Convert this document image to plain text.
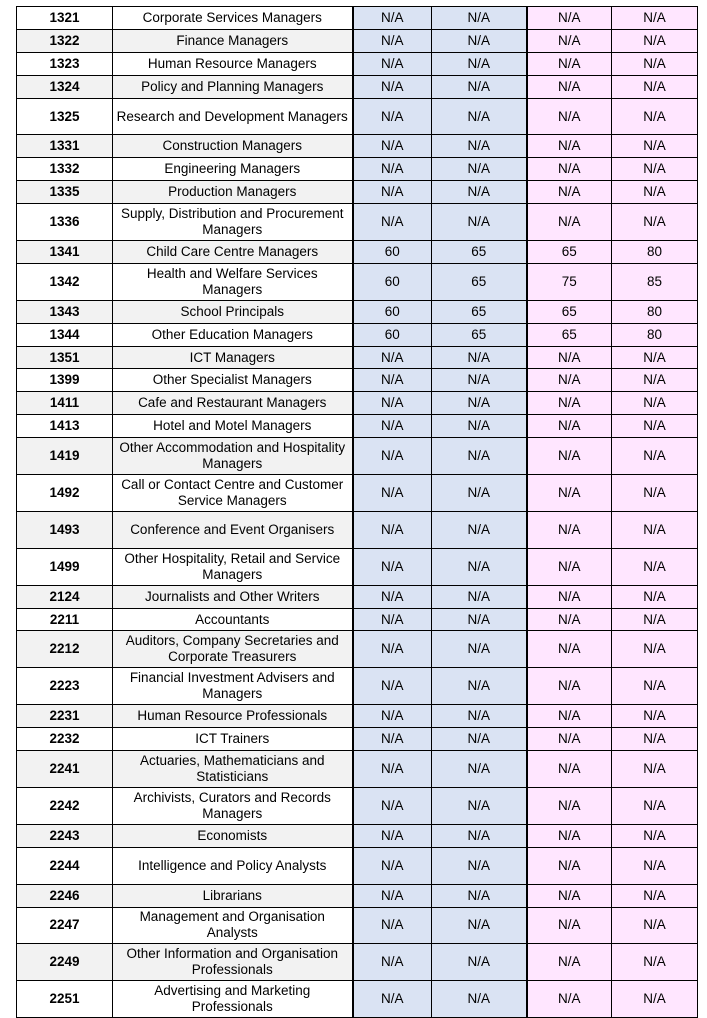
1321	Corporate Services Managers	N/A	N/A	N/A	N/A
1322	Finance Managers	N/A	N/A	N/A	N/A
1323	Human Resource Managers	N/A	N/A	N/A	N/A
1324	Policy and Planning Managers	N/A	N/A	N/A	N/A
1325	Research and Development Managers	N/A	N/A	N/A	N/A
1331	Construction Managers	N/A	N/A	N/A	N/A
1332	Engineering Managers	N/A	N/A	N/A	N/A
1335	Production Managers	N/A	N/A	N/A	N/A
1336	Supply, Distribution and Procurement Managers	N/A	N/A	N/A	N/A
1341	Child Care Centre Managers	60	65	65	80
1342	Health and Welfare Services Managers	60	65	75	85
1343	School Principals	60	65	65	80
1344	Other Education Managers	60	65	65	80
1351	ICT Managers	N/A	N/A	N/A	N/A
1399	Other Specialist Managers	N/A	N/A	N/A	N/A
1411	Cafe and Restaurant Managers	N/A	N/A	N/A	N/A
1413	Hotel and Motel Managers	N/A	N/A	N/A	N/A
1419	Other Accommodation and Hospitality Managers	N/A	N/A	N/A	N/A
1492	Call or Contact Centre and Customer Service Managers	N/A	N/A	N/A	N/A
1493	Conference and Event Organisers	N/A	N/A	N/A	N/A
1499	Other Hospitality, Retail and Service Managers	N/A	N/A	N/A	N/A
2124	Journalists and Other Writers	N/A	N/A	N/A	N/A
2211	Accountants	N/A	N/A	N/A	N/A
2212	Auditors, Company Secretaries and Corporate Treasurers	N/A	N/A	N/A	N/A
2223	Financial Investment Advisers and Managers	N/A	N/A	N/A	N/A
2231	Human Resource Professionals	N/A	N/A	N/A	N/A
2232	ICT Trainers	N/A	N/A	N/A	N/A
2241	Actuaries, Mathematicians and Statisticians	N/A	N/A	N/A	N/A
2242	Archivists, Curators and Records Managers	N/A	N/A	N/A	N/A
2243	Economists	N/A	N/A	N/A	N/A
2244	Intelligence and Policy Analysts	N/A	N/A	N/A	N/A
2246	Librarians	N/A	N/A	N/A	N/A
2247	Management and Organisation Analysts	N/A	N/A	N/A	N/A
2249	Other Information and Organisation Professionals	N/A	N/A	N/A	N/A
2251	Advertising and Marketing Professionals	N/A	N/A	N/A	N/A
